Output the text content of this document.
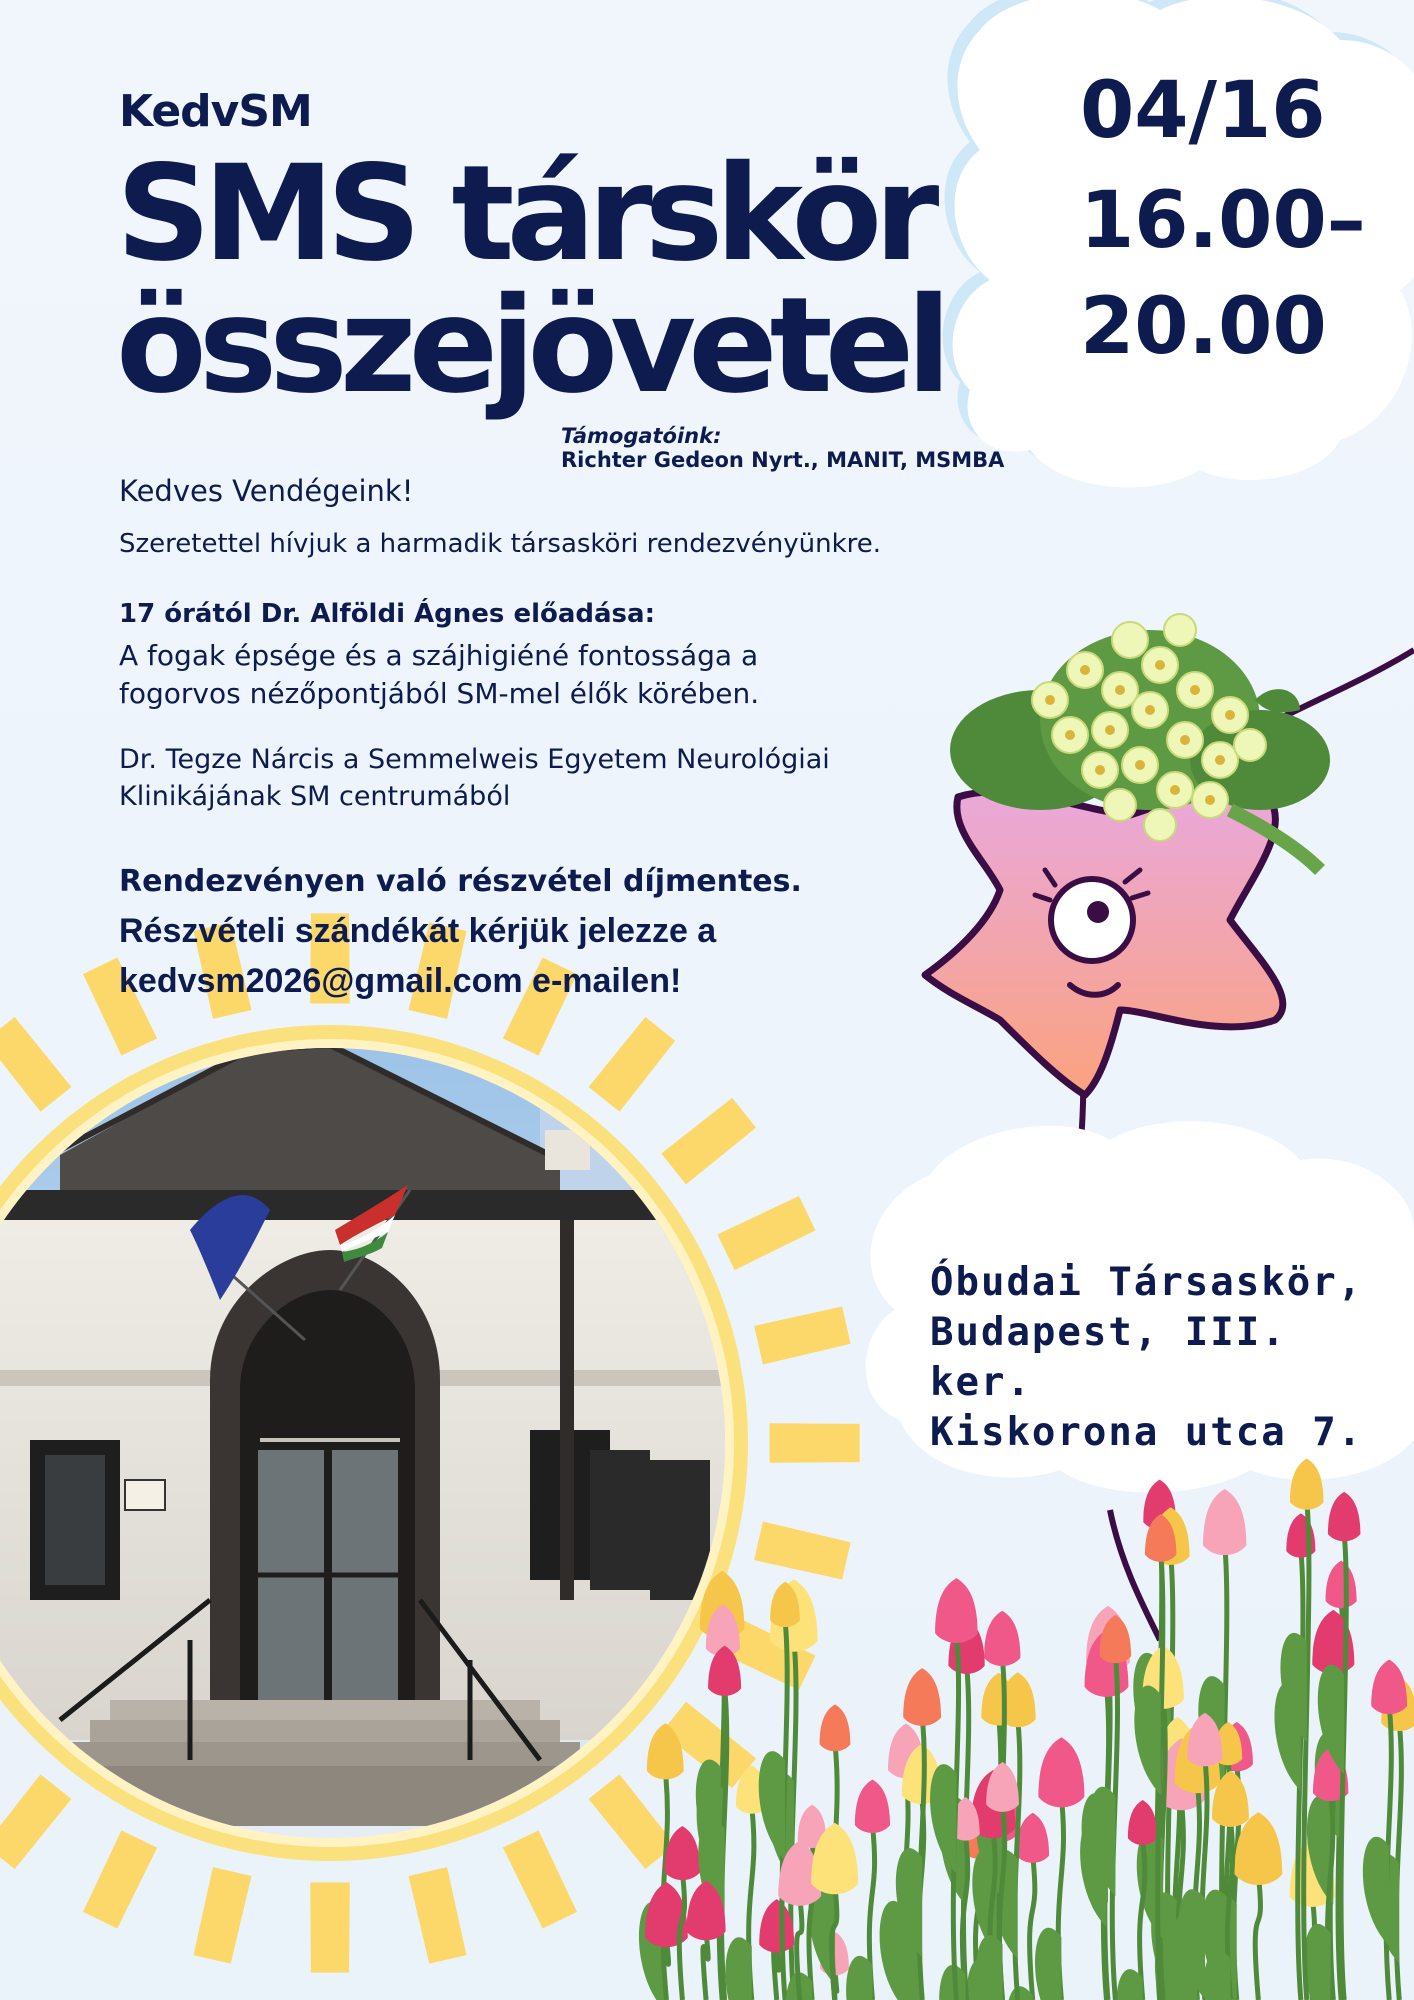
KedvSM
SMS társkör
összejövetel
Támogatóink:
Richter Gedeon Nyrt., MANIT, MSMBA
04/16
16.00–
20.00
Kedves Vendégeink!
Szeretettel hívjuk a harmadik társasköri rendezvényünkre.
17 órától Dr. Alföldi Ágnes előadása:
A fogak épsége és a szájhigiéné fontossága a
fogorvos nézőpontjából SM-mel élők körében.
Dr. Tegze Nárcis a Semmelweis Egyetem Neurológiai
Klinikájának SM centrumából
Rendezvényen való részvétel díjmentes.
Részvételi szándékát kérjük jelezze a
kedvsm2026@gmail.com e-mailen!
Óbudai Társaskör,
Budapest, III. ker.
Kiskorona utca 7.
